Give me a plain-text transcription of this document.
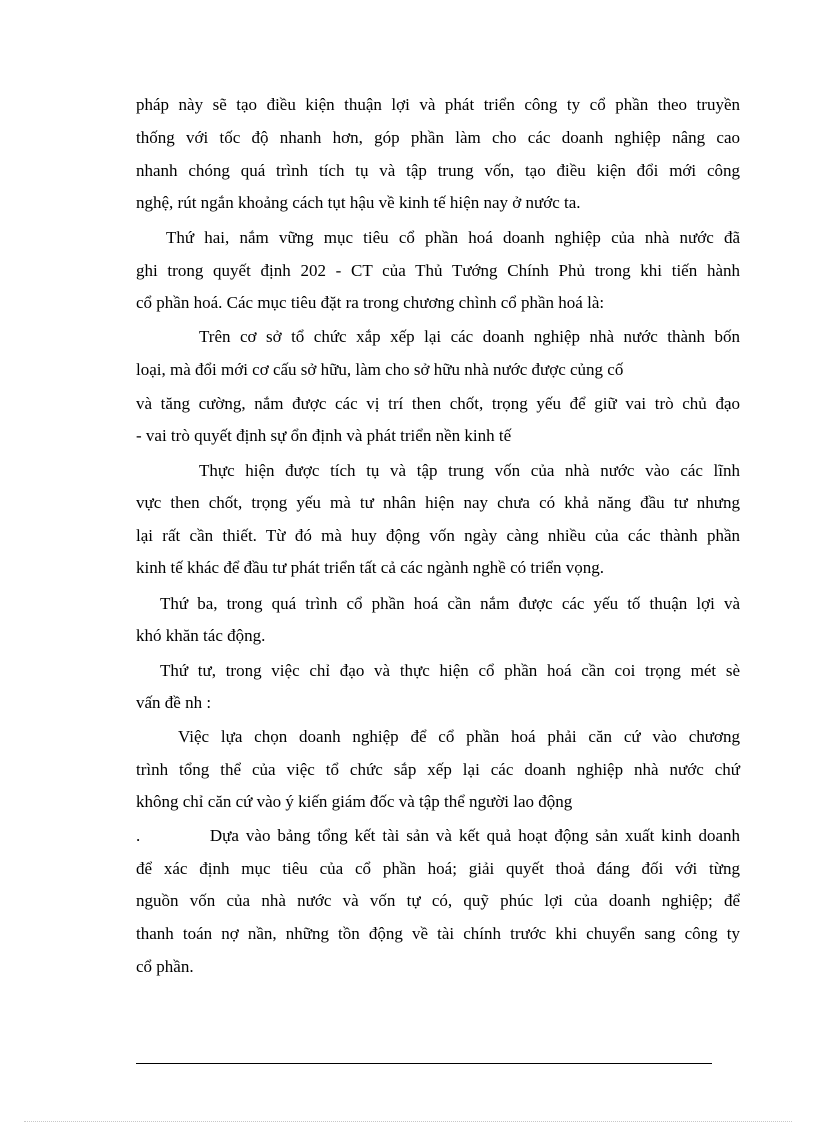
pháp này sẽ tạo điều kiện thuận lợi và phát triển công ty cổ phần theo truyền
thống với tốc độ nhanh hơn, góp phần làm cho các doanh nghiệp nâng cao
nhanh chóng quá trình tích tụ và tập trung vốn, tạo điều kiện đổi mới công
nghệ, rút ngắn khoảng cách tụt hậu về kinh tế hiện nay ở nước ta.
Thứ hai, nắm vững mục tiêu cổ phần hoá doanh nghiệp của nhà nước đã
ghi trong quyết định 202 - CT của Thủ Tướng Chính Phủ trong khi tiến hành
cổ phần hoá. Các mục tiêu đặt ra trong chương chình cổ phần hoá là:
Trên cơ sở tổ chức xắp xếp lại các doanh nghiệp nhà nước thành bốn
loại, mà đổi mới cơ cấu sở hữu, làm cho sở hữu nhà nước được củng cố
và tăng cường, nắm được các vị trí then chốt, trọng yếu để giữ vai trò chủ đạo
- vai trò quyết định sự ổn định và phát triển nền kinh tế
Thực hiện được tích tụ và tập trung vốn của nhà nước vào các lĩnh
vực then chốt, trọng yếu mà tư nhân hiện nay chưa có khả năng đầu tư nhưng
lại rất cần thiết. Từ đó mà huy động vốn ngày càng nhiều của các thành phần
kinh tế khác để đầu tư phát triển tất cả các ngành nghề có triển vọng.
Thứ ba, trong quá trình cổ phần hoá cần nắm được các yếu tố thuận lợi và
khó khăn tác động.
Thứ tư, trong việc chỉ đạo và thực hiện cổ phần hoá cần coi trọng mét sè
vấn đề nh :
Việc lựa chọn doanh nghiệp để cổ phần hoá phải căn cứ vào chương
trình tổng thể của việc tổ chức sắp xếp lại các doanh nghiệp nhà nước chứ
không chỉ căn cứ vào ý kiến giám đốc và tập thể người lao động
.          Dựa vào bảng tổng kết tài sản và kết quả hoạt động sản xuất kinh doanh
để xác định mục tiêu của cổ phần hoá; giải quyết thoả đáng đối với từng
nguồn vốn của nhà nước và vốn tự có, quỹ phúc lợi của doanh nghiệp; để
thanh toán nợ nần, những tồn động về tài chính trước khi chuyển sang công ty
cổ phần.
